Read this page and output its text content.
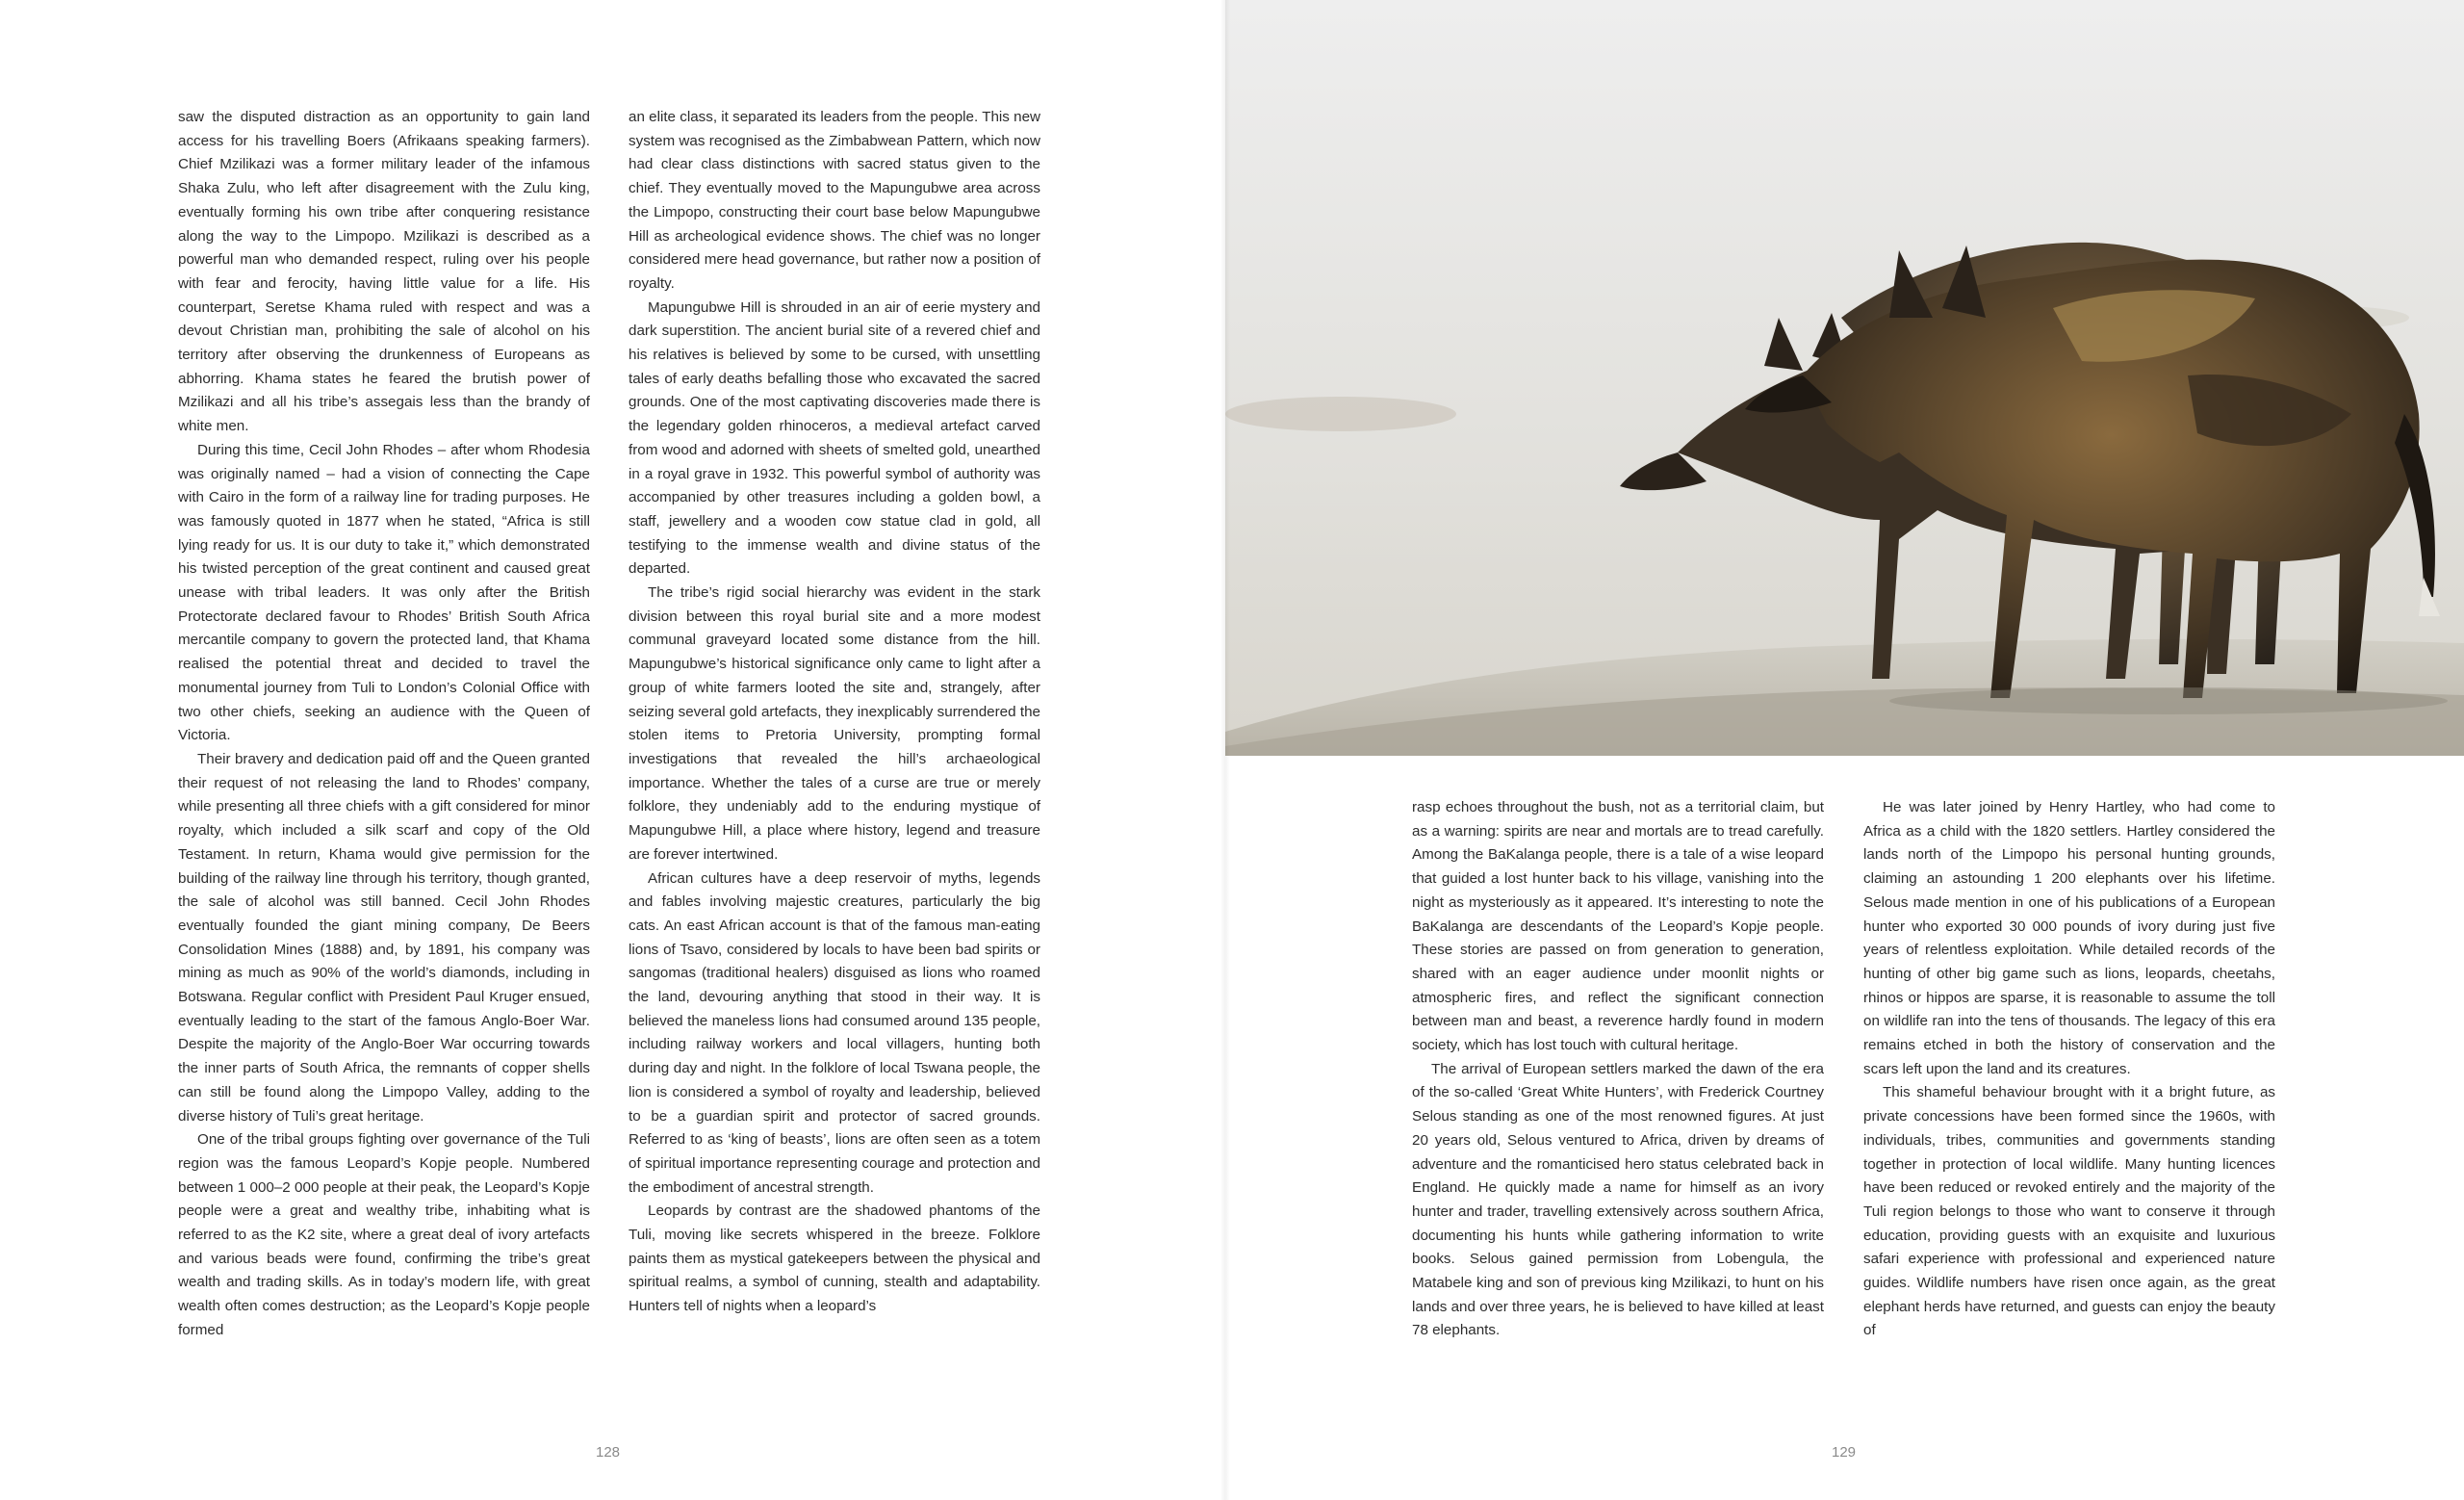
saw the disputed distraction as an opportunity to gain land access for his travelling Boers (Afrikaans speaking farmers). Chief Mzilikazi was a former military leader of the infamous Shaka Zulu, who left after disagreement with the Zulu king, eventually forming his own tribe after conquering resistance along the way to the Limpopo. Mzilikazi is described as a powerful man who demanded respect, ruling over his people with fear and ferocity, having little value for a life. His counterpart, Seretse Khama ruled with respect and was a devout Christian man, prohibiting the sale of alcohol on his territory after observing the drunkenness of Europeans as abhorring. Khama states he feared the brutish power of Mzilikazi and all his tribe’s assegais less than the brandy of white men.

During this time, Cecil John Rhodes – after whom Rhodesia was originally named – had a vision of connecting the Cape with Cairo in the form of a railway line for trading purposes. He was famously quoted in 1877 when he stated, “Africa is still lying ready for us. It is our duty to take it,” which demonstrated his twisted perception of the great continent and caused great unease with tribal leaders. It was only after the British Protectorate declared favour to Rhodes’ British South Africa mercantile company to govern the protected land, that Khama realised the potential threat and decided to travel the monumental journey from Tuli to London’s Colonial Office with two other chiefs, seeking an audience with the Queen of Victoria.

Their bravery and dedication paid off and the Queen granted their request of not releasing the land to Rhodes’ company, while presenting all three chiefs with a gift considered for minor royalty, which included a silk scarf and copy of the Old Testament. In return, Khama would give permission for the building of the railway line through his territory, though granted, the sale of alcohol was still banned. Cecil John Rhodes eventually founded the giant mining company, De Beers Consolidation Mines (1888) and, by 1891, his company was mining as much as 90% of the world’s diamonds, including in Botswana. Regular conflict with President Paul Kruger ensued, eventually leading to the start of the famous Anglo-Boer War. Despite the majority of the Anglo-Boer War occurring towards the inner parts of South Africa, the remnants of copper shells can still be found along the Limpopo Valley, adding to the diverse history of Tuli’s great heritage.

One of the tribal groups fighting over governance of the Tuli region was the famous Leopard’s Kopje people. Numbered between 1 000–2 000 people at their peak, the Leopard’s Kopje people were a great and wealthy tribe, inhabiting what is referred to as the K2 site, where a great deal of ivory artefacts and various beads were found, confirming the tribe’s great wealth and trading skills. As in today’s modern life, with great wealth often comes destruction; as the Leopard’s Kopje people formed

an elite class, it separated its leaders from the people. This new system was recognised as the Zimbabwean Pattern, which now had clear class distinctions with sacred status given to the chief. They eventually moved to the Mapungubwe area across the Limpopo, constructing their court base below Mapungubwe Hill as archeological evidence shows. The chief was no longer considered mere head governance, but rather now a position of royalty.

Mapungubwe Hill is shrouded in an air of eerie mystery and dark superstition. The ancient burial site of a revered chief and his relatives is believed by some to be cursed, with unsettling tales of early deaths befalling those who excavated the sacred grounds. One of the most captivating discoveries made there is the legendary golden rhinoceros, a medieval artefact carved from wood and adorned with sheets of smelted gold, unearthed in a royal grave in 1932. This powerful symbol of authority was accompanied by other treasures including a golden bowl, a staff, jewellery and a wooden cow statue clad in gold, all testifying to the immense wealth and divine status of the departed.

The tribe’s rigid social hierarchy was evident in the stark division between this royal burial site and a more modest communal graveyard located some distance from the hill. Mapungubwe’s historical significance only came to light after a group of white farmers looted the site and, strangely, after seizing several gold artefacts, they inexplicably surrendered the stolen items to Pretoria University, prompting formal investigations that revealed the hill’s archaeological importance. Whether the tales of a curse are true or merely folklore, they undeniably add to the enduring mystique of Mapungubwe Hill, a place where history, legend and treasure are forever intertwined.

African cultures have a deep reservoir of myths, legends and fables involving majestic creatures, particularly the big cats. An east African account is that of the famous man-eating lions of Tsavo, considered by locals to have been bad spirits or sangomas (traditional healers) disguised as lions who roamed the land, devouring anything that stood in their way. It is believed the maneless lions had consumed around 135 people, including railway workers and local villagers, hunting both during day and night. In the folklore of local Tswana people, the lion is considered a symbol of royalty and leadership, believed to be a guardian spirit and protector of sacred grounds. Referred to as ‘king of beasts’, lions are often seen as a totem of spiritual importance representing courage and protection and the embodiment of ancestral strength.

Leopards by contrast are the shadowed phantoms of the Tuli, moving like secrets whispered in the breeze. Folklore paints them as mystical gatekeepers between the physical and spiritual realms, a symbol of cunning, stealth and adaptability. Hunters tell of nights when a leopard’s

128	129

rasp echoes throughout the bush, not as a territorial claim, but as a warning: spirits are near and mortals are to tread carefully. Among the BaKalanga people, there is a tale of a wise leopard that guided a lost hunter back to his village, vanishing into the night as mysteriously as it appeared. It’s interesting to note the BaKalanga are descendants of the Leopard’s Kopje people. These stories are passed on from generation to generation, shared with an eager audience under moonlit nights or atmospheric fires, and reflect the significant connection between man and beast, a reverence hardly found in modern society, which has lost touch with cultural heritage.

The arrival of European settlers marked the dawn of the era of the so-called ‘Great White Hunters’, with Frederick Courtney Selous standing as one of the most renowned figures. At just 20 years old, Selous ventured to Africa, driven by dreams of adventure and the romanticised hero status celebrated back in England. He quickly made a name for himself as an ivory hunter and trader, travelling extensively across southern Africa, documenting his hunts while gathering information to write books. Selous gained permission from Lobengula, the Matabele king and son of previous king Mzilikazi, to hunt on his lands and over three years, he is believed to have killed at least 78 elephants.

He was later joined by Henry Hartley, who had come to Africa as a child with the 1820 settlers. Hartley considered the lands north of the Limpopo his personal hunting grounds, claiming an astounding 1 200 elephants over his lifetime. Selous made mention in one of his publications of a European hunter who exported 30 000 pounds of ivory during just five years of relentless exploitation. While detailed records of the hunting of other big game such as lions, leopards, cheetahs, rhinos or hippos are sparse, it is reasonable to assume the toll on wildlife ran into the tens of thousands. The legacy of this era remains etched in both the history of conservation and the scars left upon the land and its creatures.

This shameful behaviour brought with it a bright future, as private concessions have been formed since the 1960s, with individuals, tribes, communities and governments standing together in protection of local wildlife. Many hunting licences have been reduced or revoked entirely and the majority of the Tuli region belongs to those who want to conserve it through education, providing guests with an exquisite and luxurious safari experience with professional and experienced nature guides. Wildlife numbers have risen once again, as the great elephant herds have returned, and guests can enjoy the beauty of
